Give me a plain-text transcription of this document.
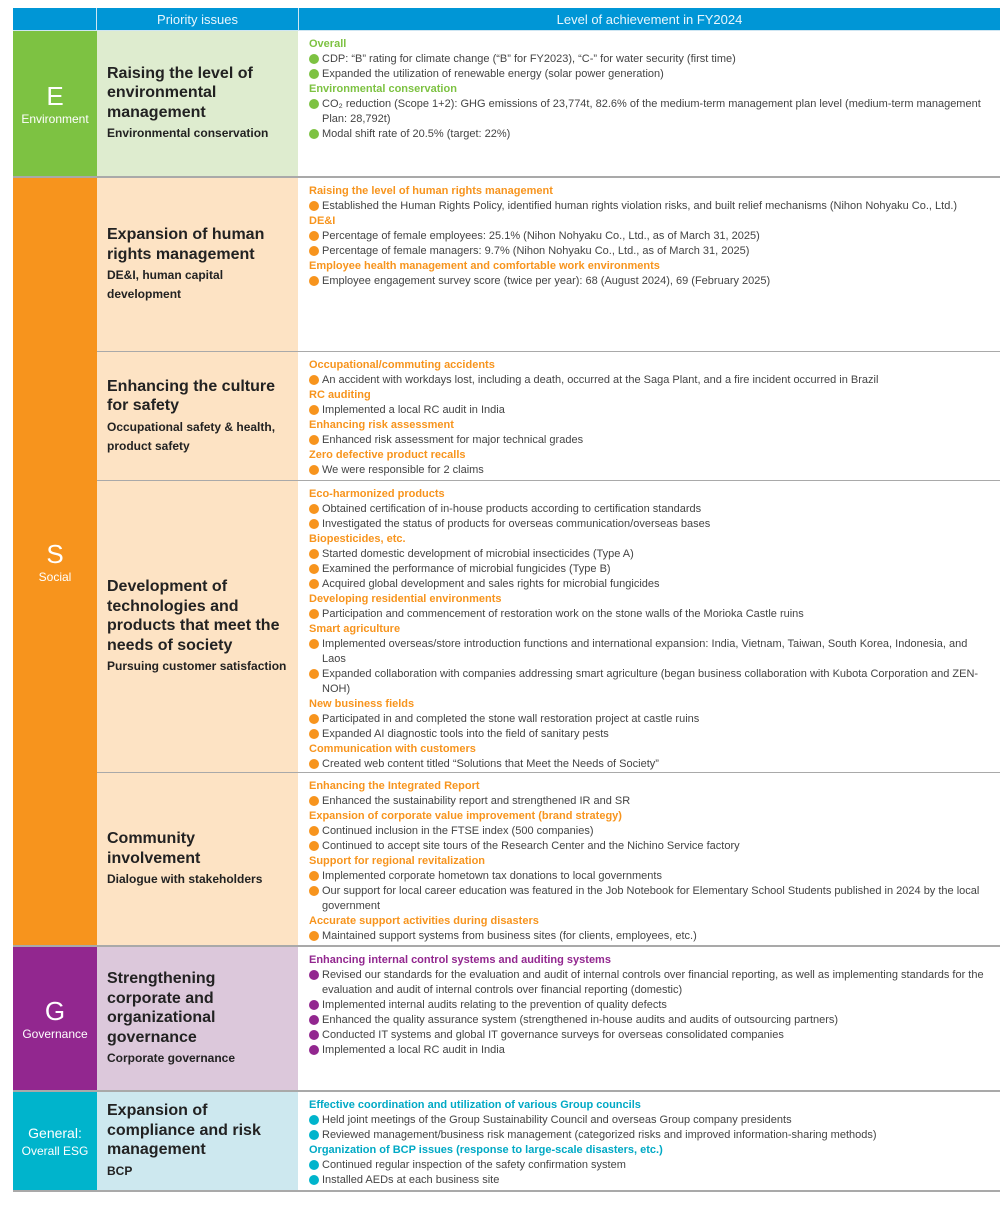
Priority issues	Level of achievement in FY2024
E
Environment
Raising the level of environmental management
Environmental conservation
Overall
CDP: “B” rating for climate change (“B” for FY2023), “C-” for water security (first time)
Expanded the utilization of renewable energy (solar power generation)
Environmental conservation
CO₂ reduction (Scope 1+2): GHG emissions of 23,774t, 82.6% of the medium-term management plan level (medium-term management Plan: 28,792t)
Modal shift rate of 20.5% (target: 22%)
S
Social
Expansion of human rights management
DE&I, human capital development
Raising the level of human rights management
Established the Human Rights Policy, identified human rights violation risks, and built relief mechanisms (Nihon Nohyaku Co., Ltd.)
DE&I
Percentage of female employees: 25.1% (Nihon Nohyaku Co., Ltd., as of March 31, 2025)
Percentage of female managers: 9.7% (Nihon Nohyaku Co., Ltd., as of March 31, 2025)
Employee health management and comfortable work environments
Employee engagement survey score (twice per year): 68 (August 2024), 69 (February 2025)
Enhancing the culture for safety
Occupational safety & health, product safety
Occupational/commuting accidents
An accident with workdays lost, including a death, occurred at the Saga Plant, and a fire incident occurred in Brazil
RC auditing
Implemented a local RC audit in India
Enhancing risk assessment
Enhanced risk assessment for major technical grades
Zero defective product recalls
We were responsible for 2 claims
Development of technologies and products that meet the needs of society
Pursuing customer satisfaction
Eco-harmonized products
Obtained certification of in-house products according to certification standards
Investigated the status of products for overseas communication/overseas bases
Biopesticides, etc.
Started domestic development of microbial insecticides (Type A)
Examined the performance of microbial fungicides (Type B)
Acquired global development and sales rights for microbial fungicides
Developing residential environments
Participation and commencement of restoration work on the stone walls of the Morioka Castle ruins
Smart agriculture
Implemented overseas/store introduction functions and international expansion: India, Vietnam, Taiwan, South Korea, Indonesia, and Laos
Expanded collaboration with companies addressing smart agriculture (began business collaboration with Kubota Corporation and ZEN-NOH)
New business fields
Participated in and completed the stone wall restoration project at castle ruins
Expanded AI diagnostic tools into the field of sanitary pests
Communication with customers
Created web content titled “Solutions that Meet the Needs of Society”
Community involvement
Dialogue with stakeholders
Enhancing the Integrated Report
Enhanced the sustainability report and strengthened IR and SR
Expansion of corporate value improvement (brand strategy)
Continued inclusion in the FTSE index (500 companies)
Continued to accept site tours of the Research Center and the Nichino Service factory
Support for regional revitalization
Implemented corporate hometown tax donations to local governments
Our support for local career education was featured in the Job Notebook for Elementary School Students published in 2024 by the local government
Accurate support activities during disasters
Maintained support systems from business sites (for clients, employees, etc.)
G
Governance
Strengthening corporate and organizational governance
Corporate governance
Enhancing internal control systems and auditing systems
Revised our standards for the evaluation and audit of internal controls over financial reporting, as well as implementing standards for the evaluation and audit of internal controls over financial reporting (domestic)
Implemented internal audits relating to the prevention of quality defects
Enhanced the quality assurance system (strengthened in-house audits and audits of outsourcing partners)
Conducted IT systems and global IT governance surveys for overseas consolidated companies
Implemented a local RC audit in India
General:
Overall ESG
Expansion of compliance and risk management
BCP
Effective coordination and utilization of various Group councils
Held joint meetings of the Group Sustainability Council and overseas Group company presidents
Reviewed management/business risk management (categorized risks and improved information-sharing methods)
Organization of BCP issues (response to large-scale disasters, etc.)
Continued regular inspection of the safety confirmation system
Installed AEDs at each business site
